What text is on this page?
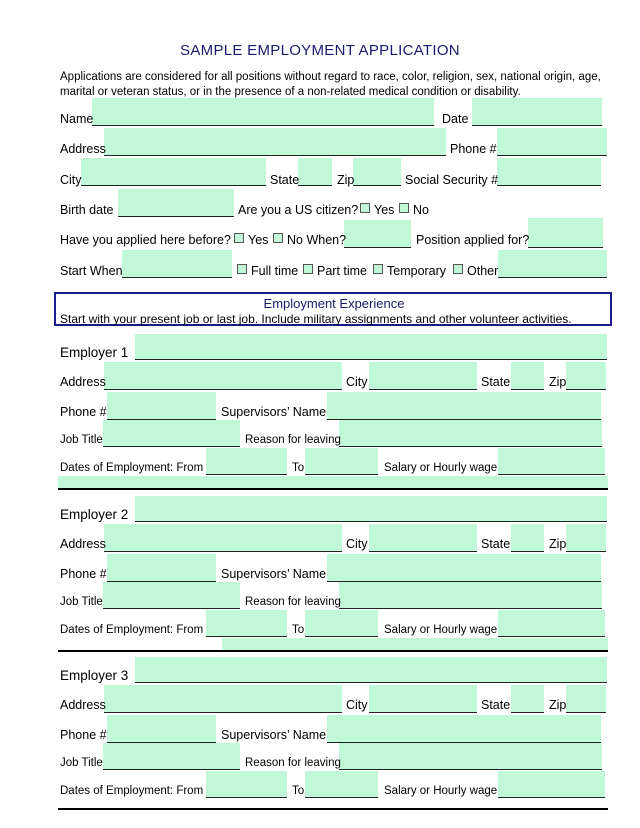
SAMPLE EMPLOYMENT APPLICATION
Applications are considered for all positions without regard to race, color, religion, sex, national origin, age,
marital or veteran status, or in the presence of a non-related medical condition or disability.
Name	Date
Address	Phone #
City	State	Zip	Social Security #
Birth date	Are you a US citizen? Yes No
Have you applied here before? Yes No When?	Position applied for?
Start When	Full time Part time Temporary Other
Employment Experience
Start with your present job or last job. Include military assignments and other volunteer activities.
Employer 1
Address	City	State	Zip
Phone #	Supervisors’ Name
Job Title	Reason for leaving
Dates of Employment: From	To	Salary or Hourly wage
Employer 2
Address	City	State	Zip
Phone #	Supervisors’ Name
Job Title	Reason for leaving
Dates of Employment: From	To	Salary or Hourly wage
Employer 3
Address	City	State	Zip
Phone #	Supervisors’ Name
Job Title	Reason for leaving
Dates of Employment: From	To	Salary or Hourly wage
